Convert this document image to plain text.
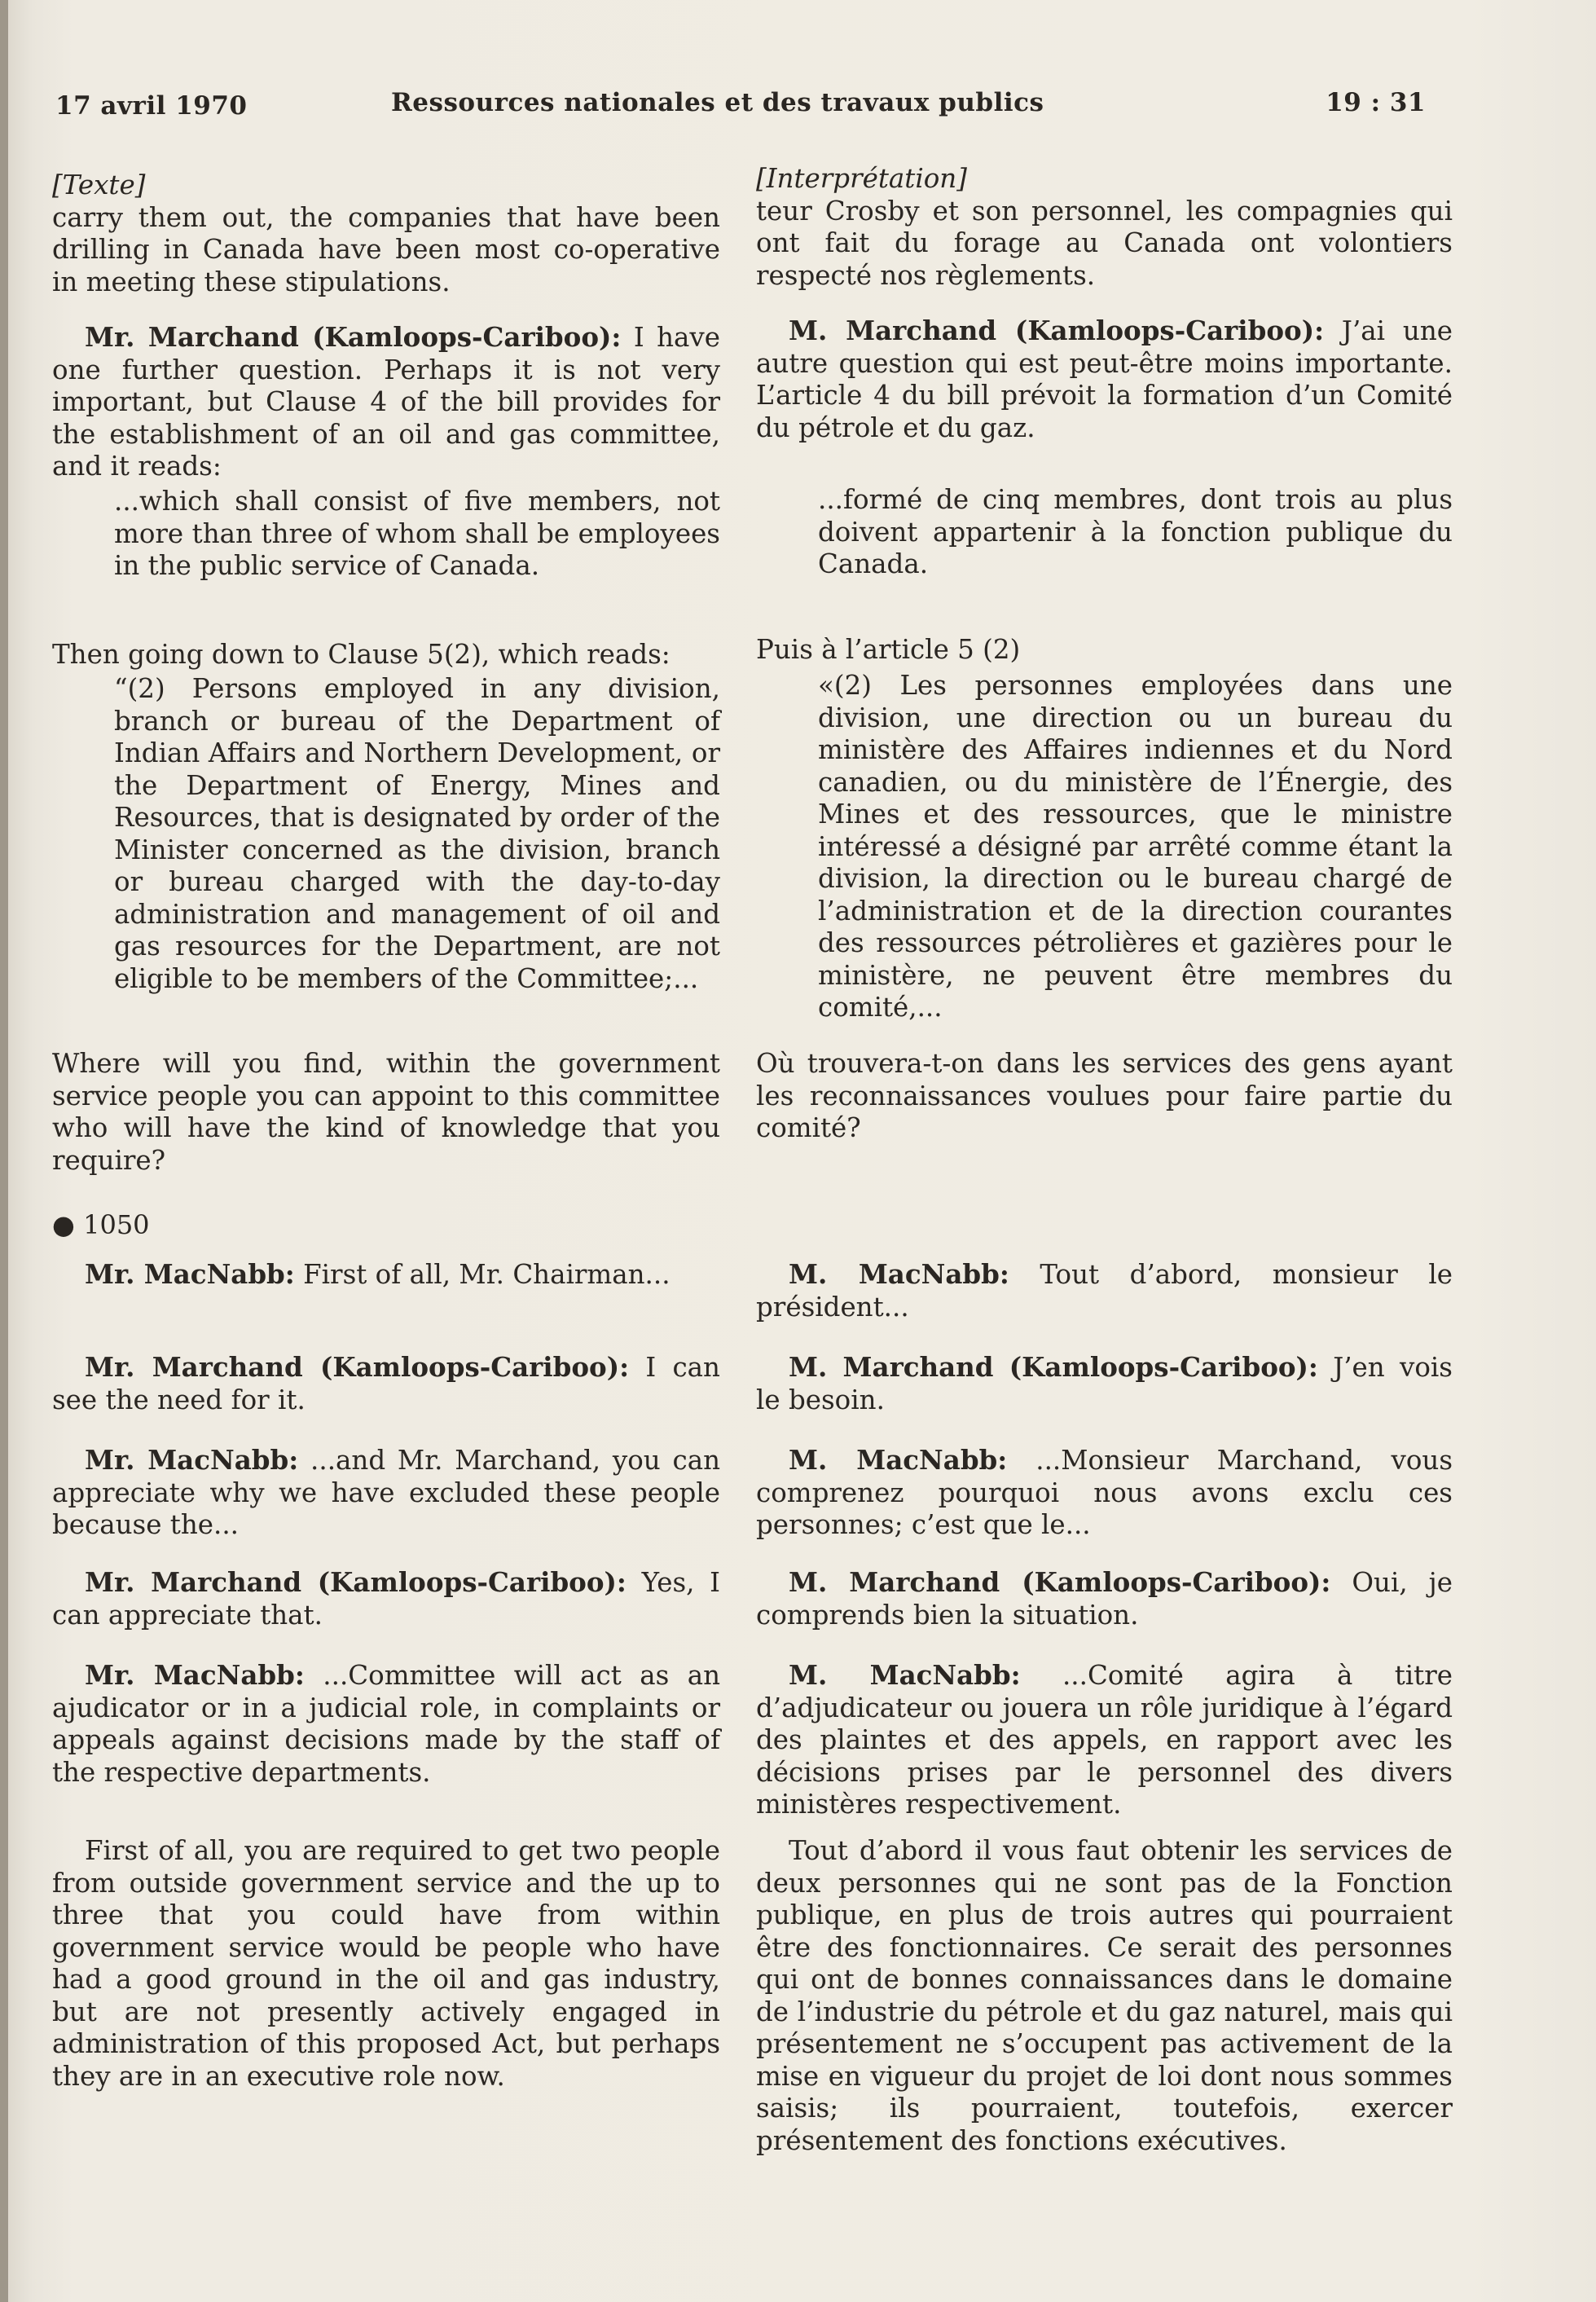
17 avril 1970	Ressources nationales et des travaux publics	19 : 31

[Texte]

carry them out, the companies that have been drilling in Canada have been most co-operative in meeting these stipulations.

Mr. Marchand (Kamloops-Cariboo): I have one further question. Perhaps it is not very important, but Clause 4 of the bill provides for the establishment of an oil and gas committee, and it reads:

...which shall consist of five members, not more than three of whom shall be employees in the public service of Canada.

Then going down to Clause 5(2), which reads:

“(2) Persons employed in any division, branch or bureau of the Department of Indian Affairs and Northern Development, or the Department of Energy, Mines and Resources, that is designated by order of the Minister concerned as the division, branch or bureau charged with the day-to-day administration and management of oil and gas resources for the Department, are not eligible to be members of the Committee;...

Where will you find, within the government service people you can appoint to this committee who will have the kind of knowledge that you require?

● 1050

Mr. MacNabb: First of all, Mr. Chairman...

Mr. Marchand (Kamloops-Cariboo): I can see the need for it.

Mr. MacNabb: ...and Mr. Marchand, you can appreciate why we have excluded these people because the...

Mr. Marchand (Kamloops-Cariboo): Yes, I can appreciate that.

Mr. MacNabb: ...Committee will act as an ajudicator or in a judicial role, in complaints or appeals against decisions made by the staff of the respective departments.

First of all, you are required to get two people from outside government service and the up to three that you could have from within government service would be people who have had a good ground in the oil and gas industry, but are not presently actively engaged in administration of this proposed Act, but perhaps they are in an executive role now.

[Interprétation]

teur Crosby et son personnel, les compagnies qui ont fait du forage au Canada ont volontiers respecté nos règlements.

M. Marchand (Kamloops-Cariboo): J’ai une autre question qui est peut-être moins importante. L’article 4 du bill prévoit la formation d’un Comité du pétrole et du gaz.

...formé de cinq membres, dont trois au plus doivent appartenir à la fonction publique du Canada.

Puis à l’article 5 (2)

«(2) Les personnes employées dans une division, une direction ou un bureau du ministère des Affaires indiennes et du Nord canadien, ou du ministère de l’Énergie, des Mines et des ressources, que le ministre intéressé a désigné par arrêté comme étant la division, la direction ou le bureau chargé de l’administration et de la direction courantes des ressources pétrolières et gazières pour le ministère, ne peuvent être membres du comité,...

Où trouvera-t-on dans les services des gens ayant les reconnaissances voulues pour faire partie du comité?

M. MacNabb: Tout d’abord, monsieur le président...

M. Marchand (Kamloops-Cariboo): J’en vois le besoin.

M. MacNabb: ...Monsieur Marchand, vous comprenez pourquoi nous avons exclu ces personnes; c’est que le...

M. Marchand (Kamloops-Cariboo): Oui, je comprends bien la situation.

M. MacNabb: ...Comité agira à titre d’adjudicateur ou jouera un rôle juridique à l’égard des plaintes et des appels, en rapport avec les décisions prises par le personnel des divers ministères respectivement.

Tout d’abord il vous faut obtenir les services de deux personnes qui ne sont pas de la Fonction publique, en plus de trois autres qui pourraient être des fonctionnaires. Ce serait des personnes qui ont de bonnes connaissances dans le domaine de l’industrie du pétrole et du gaz naturel, mais qui présentement ne s’occupent pas activement de la mise en vigueur du projet de loi dont nous sommes saisis; ils pourraient, toutefois, exercer présentement des fonctions exécutives.
